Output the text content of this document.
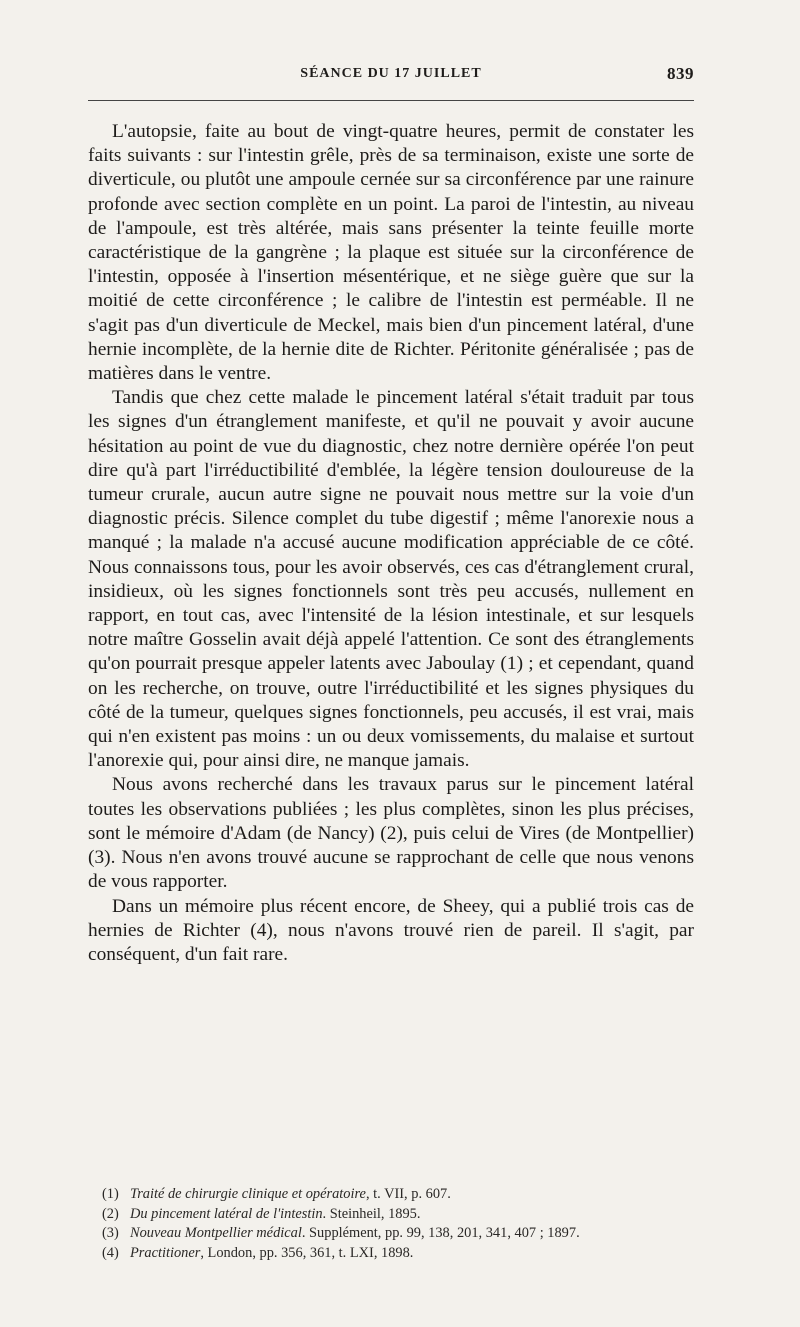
SÉANCE DU 17 JUILLET	839

L'autopsie, faite au bout de vingt-quatre heures, permit de constater les faits suivants : sur l'intestin grêle, près de sa terminaison, existe une sorte de diverticule, ou plutôt une ampoule cernée sur sa circonférence par une rainure profonde avec section complète en un point. La paroi de l'intestin, au niveau de l'ampoule, est très altérée, mais sans présenter la teinte feuille morte caractéristique de la gangrène ; la plaque est située sur la circonférence de l'intestin, opposée à l'insertion mésentérique, et ne siège guère que sur la moitié de cette circonférence ; le calibre de l'intestin est perméable. Il ne s'agit pas d'un diverticule de Meckel, mais bien d'un pincement latéral, d'une hernie incomplète, de la hernie dite de Richter. Péritonite généralisée ; pas de matières dans le ventre.

Tandis que chez cette malade le pincement latéral s'était traduit par tous les signes d'un étranglement manifeste, et qu'il ne pouvait y avoir aucune hésitation au point de vue du diagnostic, chez notre dernière opérée l'on peut dire qu'à part l'irréductibilité d'emblée, la légère tension douloureuse de la tumeur crurale, aucun autre signe ne pouvait nous mettre sur la voie d'un diagnostic précis. Silence complet du tube digestif ; même l'anorexie nous a manqué ; la malade n'a accusé aucune modification appréciable de ce côté. Nous connaissons tous, pour les avoir observés, ces cas d'étranglement crural, insidieux, où les signes fonctionnels sont très peu accusés, nullement en rapport, en tout cas, avec l'intensité de la lésion intestinale, et sur lesquels notre maître Gosselin avait déjà appelé l'attention. Ce sont des étranglements qu'on pourrait presque appeler latents avec Jaboulay (1) ; et cependant, quand on les recherche, on trouve, outre l'irréductibilité et les signes physiques du côté de la tumeur, quelques signes fonctionnels, peu accusés, il est vrai, mais qui n'en existent pas moins : un ou deux vomissements, du malaise et surtout l'anorexie qui, pour ainsi dire, ne manque jamais.

Nous avons recherché dans les travaux parus sur le pincement latéral toutes les observations publiées ; les plus complètes, sinon les plus précises, sont le mémoire d'Adam (de Nancy) (2), puis celui de Vires (de Montpellier) (3). Nous n'en avons trouvé aucune se rapprochant de celle que nous venons de vous rapporter.

Dans un mémoire plus récent encore, de Sheey, qui a publié trois cas de hernies de Richter (4), nous n'avons trouvé rien de pareil. Il s'agit, par conséquent, d'un fait rare.

(1) Traité de chirurgie clinique et opératoire, t. VII, p. 607.
(2) Du pincement latéral de l'intestin. Steinheil, 1895.
(3) Nouveau Montpellier médical. Supplément, pp. 99, 138, 201, 341, 407 ; 1897.
(4) Practitioner, London, pp. 356, 361, t. LXI, 1898.
